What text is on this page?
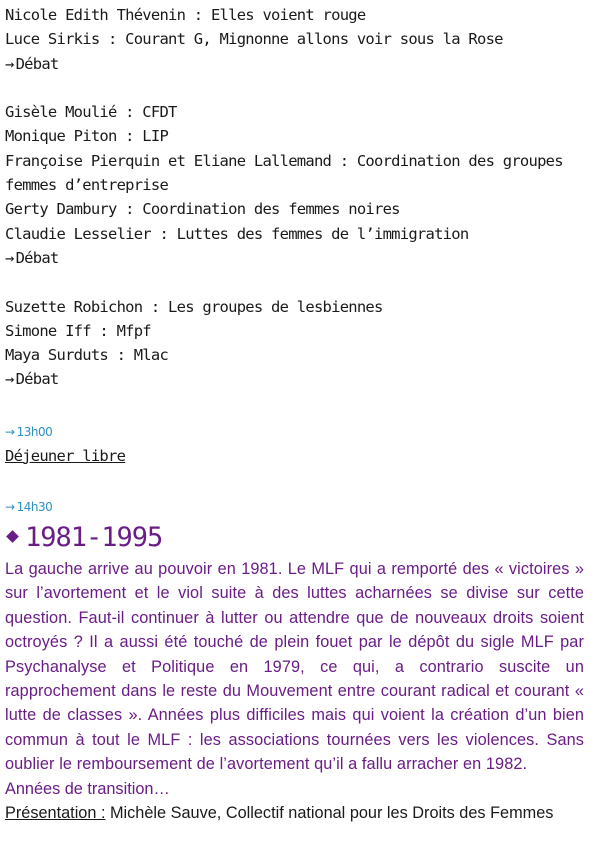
Nicole Edith Thévenin : Elles voient rouge
Luce Sirkis : Courant G, Mignonne allons voir sous la Rose
→ Débat
Gisèle Moulié : CFDT
Monique Piton : LIP
Françoise Pierquin et Eliane Lallemand : Coordination des groupes
femmes d’entreprise
Gerty Dambury : Coordination des femmes noires
Claudie Lesselier : Luttes des femmes de l’immigration
→ Débat
Suzette Robichon : Les groupes de lesbiennes
Simone Iff : Mfpf
Maya Surduts : Mlac
→ Débat
→ 13h00
Déjeuner libre
→ 14h30
1981-1995
La gauche arrive au pouvoir en 1981. Le MLF qui a remporté des « victoires » sur l’avortement et le viol suite à des luttes acharnées se divise sur cette question. Faut-il continuer à lutter ou attendre que de nouveaux droits soient octroyés ? Il a aussi été touché de plein fouet par le dépôt du sigle MLF par Psychanalyse et Politique en 1979, ce qui, a contrario suscite un rapprochement dans le reste du Mouvement entre courant radical et courant « lutte de classes ». Années plus difficiles mais qui voient la création d’un bien commun à tout le MLF : les associations tournées vers les violences. Sans oublier le remboursement de l’avortement qu’il a fallu arracher en 1982.
Années de transition…
Présentation : Michèle Sauve, Collectif national pour les Droits des Femmes
